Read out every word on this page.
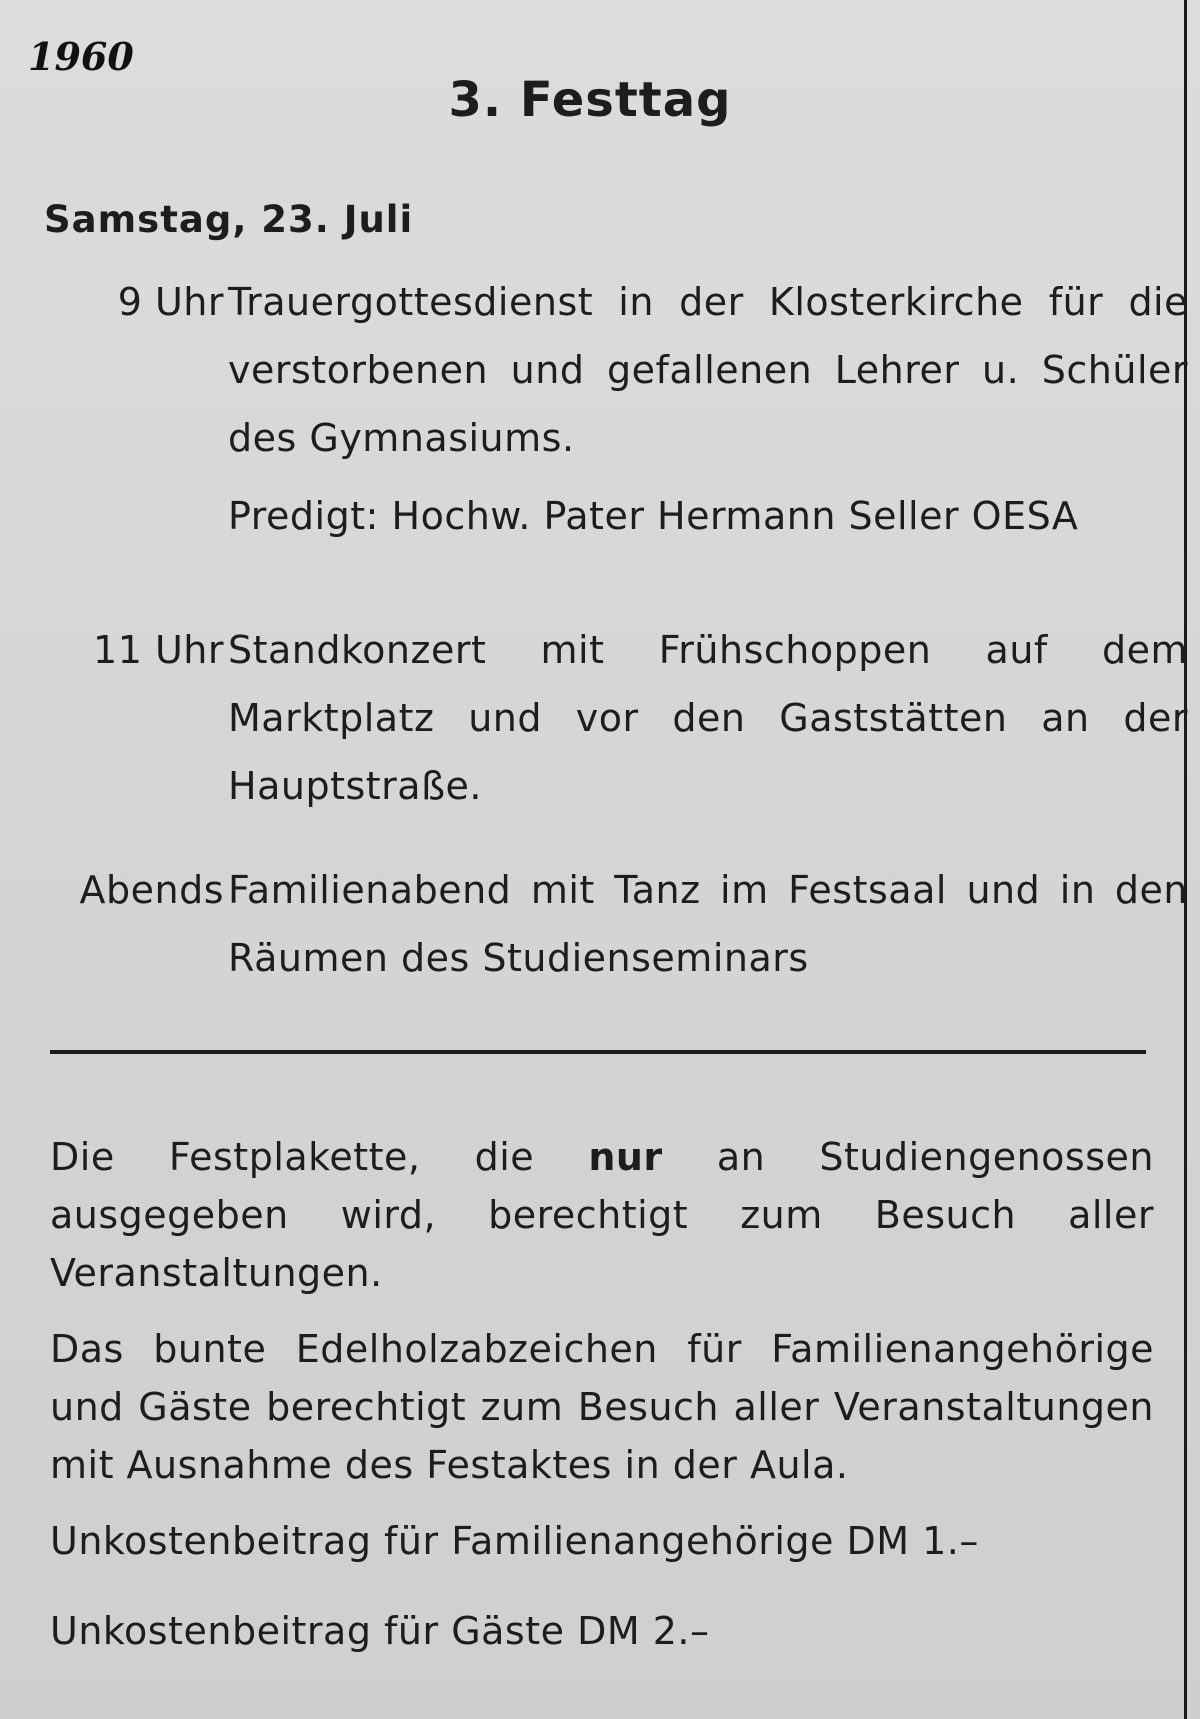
1960
3. Festtag
Samstag, 23. Juli
9 Uhr Trauergottesdienst in der Klosterkirche für die verstorbenen und gefallenen Lehrer u. Schüler des Gymnasiums.

Predigt: Hochw. Pater Hermann Seller OESA

11 Uhr Standkonzert mit Frühschoppen auf dem Marktplatz und vor den Gaststätten an der Hauptstraße.
Abends Familienabend mit Tanz im Festsaal und in den Räumen des Studienseminars
Die Festplakette, die nur an Studiengenossen ausgegeben wird, berechtigt zum Besuch aller Veranstaltungen.
Das bunte Edelholzabzeichen für Familienangehörige und Gäste berechtigt zum Besuch aller Veranstaltungen mit Ausnahme des Festaktes in der Aula.
Unkostenbeitrag für Familienangehörige DM 1.–
Unkostenbeitrag für Gäste DM 2.–
